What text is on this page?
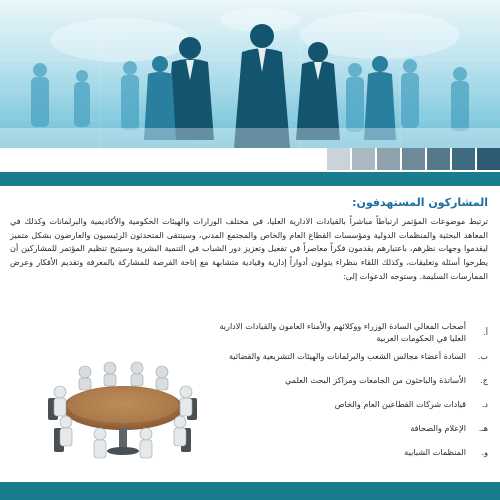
المشاركون المستهدفون:

ترتبط موضوعات المؤتمر ارتباطاً مباشراً بالقيادات الادارية العليا، في مختلف الوزارات والهيئات الحكومية والأكاديمية والبرلمانات وكذلك في المعاهد البحثية والمنظمات الدولية ومؤسسات القطاع العام والخاص والمجتمع المدني، وسينتقى المتحدثون الرئيسيون والعارضون بشكل متميز ليقدموا وجهات نظرهم، باعتبارهم يقدمون فكراً معاصراً في تفعيل وتعزيز دور الشباب في التنمية البشرية وسيتيح تنظيم المؤتمر للمشاركين أن يطرحوا أسئلة وتعليقات، وكذلك اللقاء بنظراء يتولون أدواراً إدارية وقيادية متشابهة مع إتاحة الفرصة للمشاركة بالمعرفة وتقديم الأفكار وعرض الممارسات السليمة. وستوجه الدعوات إلى:

أ.
أصحاب المعالي السادة الوزراء ووكلائهم والأمناء العامون والقيادات الادارية العليا في الحكومات العربية
ب.
السادة أعضاء مجالس الشعب والبرلمانات والهيئات التشريعية والقضائية
ج.
الأساتذة والباحثون من الجامعات ومراكز البحث العلمي
د.
قيادات شركات القطاعين العام والخاص
هـ.
الإعلام والصحافة
و.
المنظمات الشبابية
